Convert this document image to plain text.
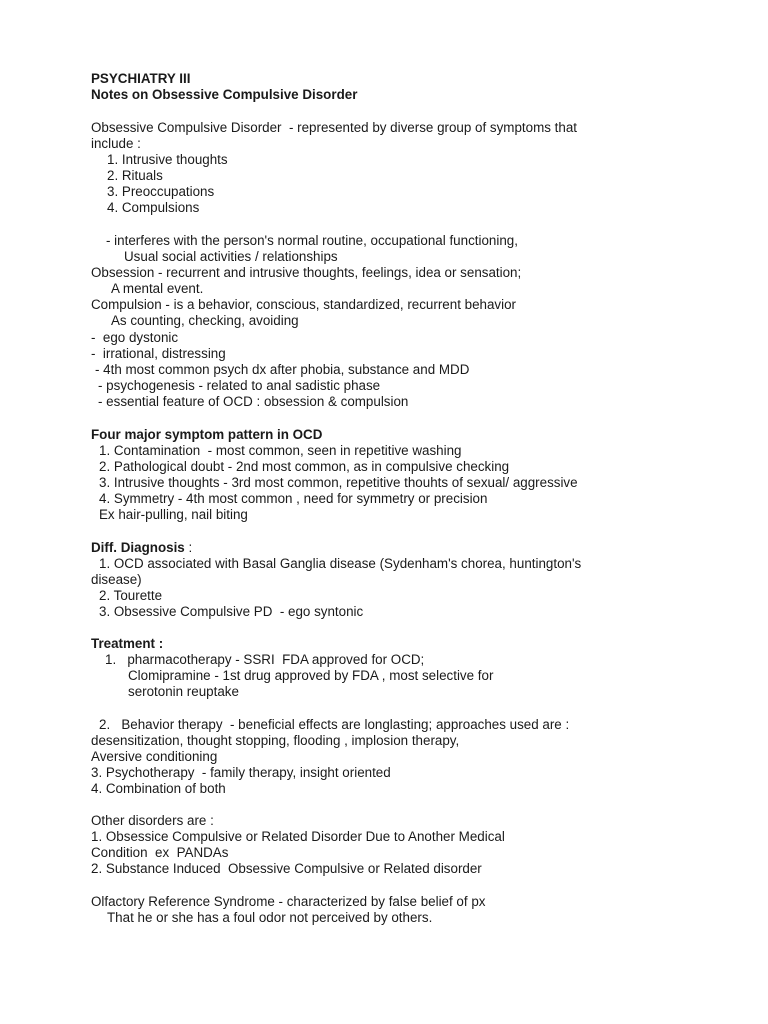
PSYCHIATRY III
Notes on Obsessive Compulsive Disorder
Obsessive Compulsive Disorder  - represented by diverse group of symptoms that
include :
1. Intrusive thoughts
2. Rituals
3. Preoccupations
4. Compulsions
- interferes with the person's normal routine, occupational functioning,
Usual social activities / relationships
Obsession - recurrent and intrusive thoughts, feelings, idea or sensation;
A mental event.
Compulsion - is a behavior, conscious, standardized, recurrent behavior
As counting, checking, avoiding
-  ego dystonic
-  irrational, distressing
- 4th most common psych dx after phobia, substance and MDD
- psychogenesis - related to anal sadistic phase
- essential feature of OCD : obsession & compulsion
Four major symptom pattern in OCD
1. Contamination  - most common, seen in repetitive washing
2. Pathological doubt - 2nd most common, as in compulsive checking
3. Intrusive thoughts - 3rd most common, repetitive thouhts of sexual/ aggressive
4. Symmetry - 4th most common , need for symmetry or precision
Ex hair-pulling, nail biting
Diff. Diagnosis :
1. OCD associated with Basal Ganglia disease (Sydenham's chorea, huntington's
disease)
2. Tourette
3. Obsessive Compulsive PD  - ego syntonic
Treatment :
1.   pharmacotherapy - SSRI  FDA approved for OCD;
Clomipramine - 1st drug approved by FDA , most selective for
serotonin reuptake
2.   Behavior therapy  - beneficial effects are longlasting; approaches used are :
desensitization, thought stopping, flooding , implosion therapy,
Aversive conditioning
3. Psychotherapy  - family therapy, insight oriented
4. Combination of both
Other disorders are :
1. Obsessice Compulsive or Related Disorder Due to Another Medical
Condition  ex  PANDAs
2. Substance Induced  Obsessive Compulsive or Related disorder
Olfactory Reference Syndrome - characterized by false belief of px
That he or she has a foul odor not perceived by others.
